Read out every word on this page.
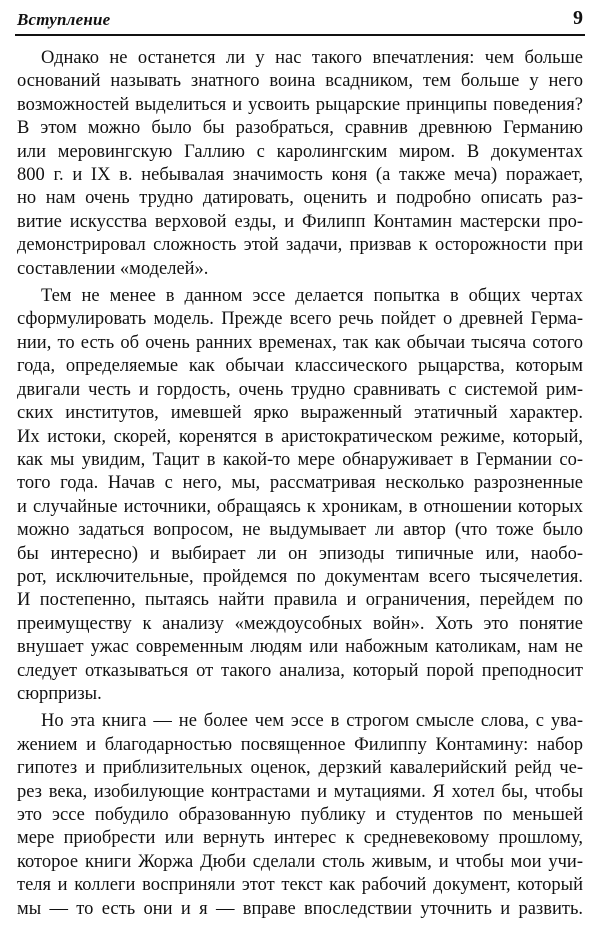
Вступление	9
Однако не останется ли у нас такого впечатления: чем больше
оснований называть знатного воина всадником, тем больше у него
возможностей выделиться и усвоить рыцарские принципы поведения?
В этом можно было бы разобраться, сравнив древнюю Германию
или меровингскую Галлию с каролингским миром. В документах
800 г. и IX в. небывалая значимость коня (а также меча) поражает,
но нам очень трудно датировать, оценить и подробно описать раз-
витие искусства верховой езды, и Филипп Контамин мастерски про-
демонстрировал сложность этой задачи, призвав к осторожности при
составлении «моделей».
Тем не менее в данном эссе делается попытка в общих чертах
сформулировать модель. Прежде всего речь пойдет о древней Герма-
нии, то есть об очень ранних временах, так как обычаи тысяча сотого
года, определяемые как обычаи классического рыцарства, которым
двигали честь и гордость, очень трудно сравнивать с системой рим-
ских институтов, имевшей ярко выраженный этатичный характер.
Их истоки, скорей, коренятся в аристократическом режиме, который,
как мы увидим, Тацит в какой-то мере обнаруживает в Германии со-
того года. Начав с него, мы, рассматривая несколько разрозненные
и случайные источники, обращаясь к хроникам, в отношении которых
можно задаться вопросом, не выдумывает ли автор (что тоже было
бы интересно) и выбирает ли он эпизоды типичные или, наобо-
рот, исключительные, пройдемся по документам всего тысячелетия.
И постепенно, пытаясь найти правила и ограничения, перейдем по
преимуществу к анализу «междоусобных войн». Хоть это понятие
внушает ужас современным людям или набожным католикам, нам не
следует отказываться от такого анализа, который порой преподносит
сюрпризы.
Но эта книга — не более чем эссе в строгом смысле слова, с ува-
жением и благодарностью посвященное Филиппу Контамину: набор
гипотез и приблизительных оценок, дерзкий кавалерийский рейд че-
рез века, изобилующие контрастами и мутациями. Я хотел бы, чтобы
это эссе побудило образованную публику и студентов по меньшей
мере приобрести или вернуть интерес к средневековому прошлому,
которое книги Жоржа Дюби сделали столь живым, и чтобы мои учи-
теля и коллеги восприняли этот текст как рабочий документ, который
мы — то есть они и я — вправе впоследствии уточнить и развить.
